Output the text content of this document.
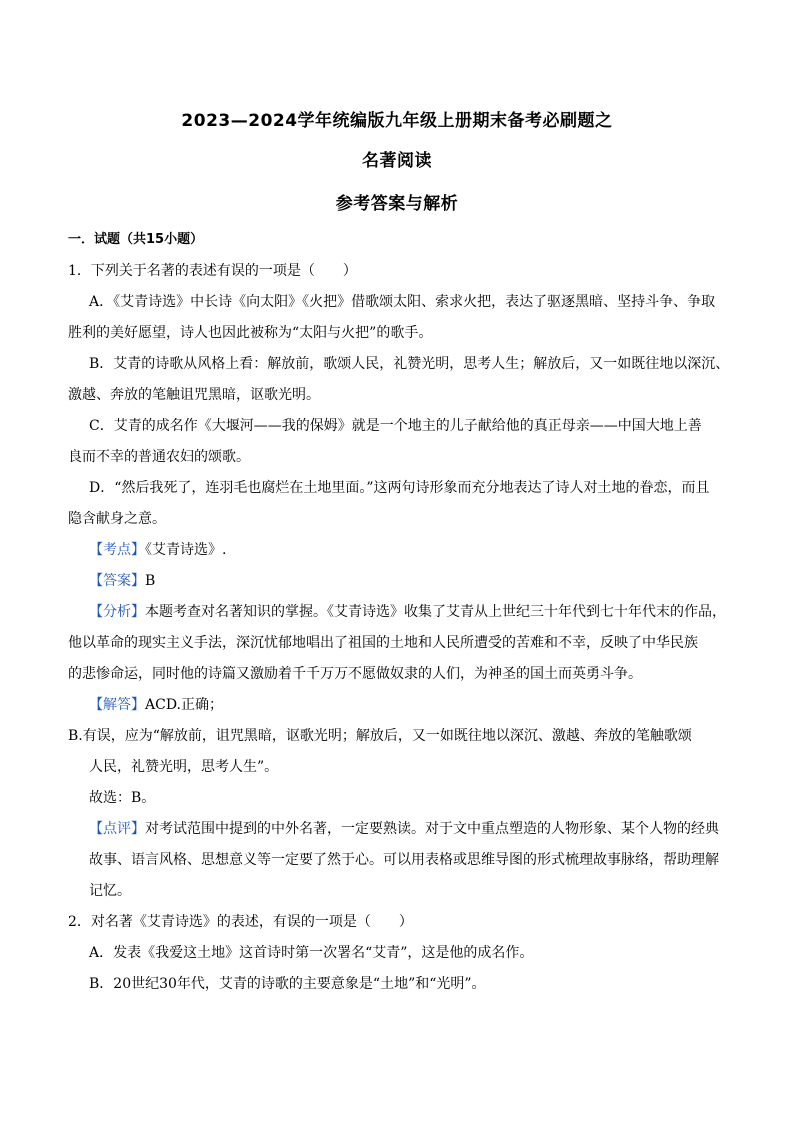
2023—2024学年统编版九年级上册期末备考必刷题之
名著阅读
参考答案与解析
一．试题（共15小题）
1．下列关于名著的表述有误的一项是（　　）
A．《艾青诗选》中长诗《向太阳》《火把》借歌颂太阳、索求火把，表达了驱逐黑暗、坚持斗争、争取
胜利的美好愿望，诗人也因此被称为“太阳与火把”的歌手。
B．艾青的诗歌从风格上看：解放前，歌颂人民，礼赞光明，思考人生；解放后，又一如既往地以深沉、
激越、奔放的笔触诅咒黑暗，讴歌光明。
C．艾青的成名作《大堰河——我的保姆》就是一个地主的儿子献给他的真正母亲——中国大地上善
良而不幸的普通农妇的颂歌。
D．“然后我死了，连羽毛也腐烂在土地里面。”这两句诗形象而充分地表达了诗人对土地的眷恋，而且
隐含献身之意。
【考点】《艾青诗选》.
【答案】B
【分析】本题考查对名著知识的掌握。《艾青诗选》收集了艾青从上世纪三十年代到七十年代末的作品，
他以革命的现实主义手法，深沉忧郁地唱出了祖国的土地和人民所遭受的苦难和不幸，反映了中华民族
的悲惨命运，同时他的诗篇又激励着千千万万不愿做奴隶的人们，为神圣的国土而英勇斗争。
【解答】ACD.正确；
B.有误，应为“解放前，诅咒黑暗，讴歌光明；解放后，又一如既往地以深沉、激越、奔放的笔触歌颂
人民，礼赞光明，思考人生”。
故选：B。
【点评】对考试范围中提到的中外名著，一定要熟读。对于文中重点塑造的人物形象、某个人物的经典
故事、语言风格、思想意义等一定要了然于心。可以用表格或思维导图的形式梳理故事脉络，帮助理解
记忆。
2．对名著《艾青诗选》的表述，有误的一项是（　　）
A．发表《我爱这土地》这首诗时第一次署名“艾青”，这是他的成名作。
B．20世纪30年代，艾青的诗歌的主要意象是“土地”和“光明”。
